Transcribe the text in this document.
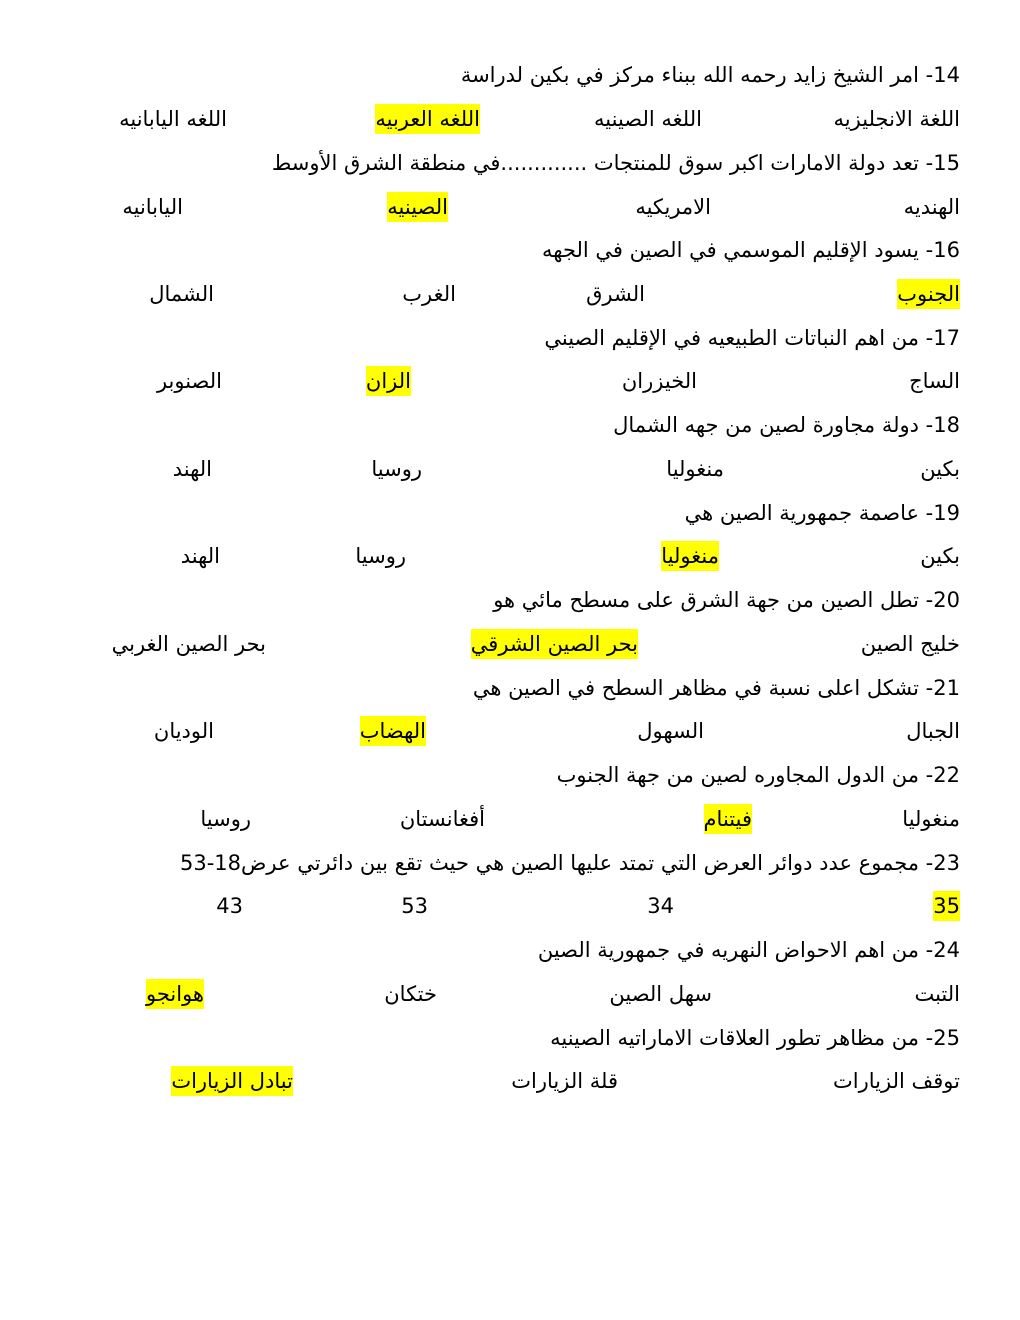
14- امر الشيخ زايد رحمه الله ببناء مركز في بكين لدراسة
اللغة الانجليزيه
اللغه الصينيه
اللغه العربيه
اللغه اليابانيه
15- تعد دولة الامارات اكبر سوق للمنتجات .............في منطقة الشرق الأوسط
الهنديه
الامريكيه
الصينيه
اليابانيه
16- يسود الإقليم الموسمي في الصين في الجهه
الجنوب
الشرق
الغرب
الشمال
17- من اهم النباتات الطبيعيه في الإقليم الصيني
الساج
الخيزران
الزان
الصنوبر
18- دولة مجاورة لصين من جهه الشمال
بكين
منغوليا
روسيا
الهند
19- عاصمة جمهورية الصين هي
بكين
منغوليا
روسيا
الهند
20- تطل الصين من جهة الشرق على مسطح مائي هو
خليج الصين
بحر الصين الشرقي
بحر الصين الغربي
21- تشكل اعلى نسبة في مظاهر السطح في الصين هي
الجبال
السهول
الهضاب
الوديان
22- من الدول المجاوره لصين من جهة الجنوب
منغوليا
فيتنام
أفغانستان
روسيا
23- مجموع عدد دوائر العرض التي تمتد عليها الصين هي حيث تقع بين دائرتي عرض18-53
35
34
53
43
24- من اهم الاحواض النهريه في جمهورية الصين
التبت
سهل الصين
ختكان
هوانجو
25- من مظاهر تطور العلاقات الاماراتيه الصينيه
توقف الزيارات
قلة الزيارات
تبادل الزيارات
